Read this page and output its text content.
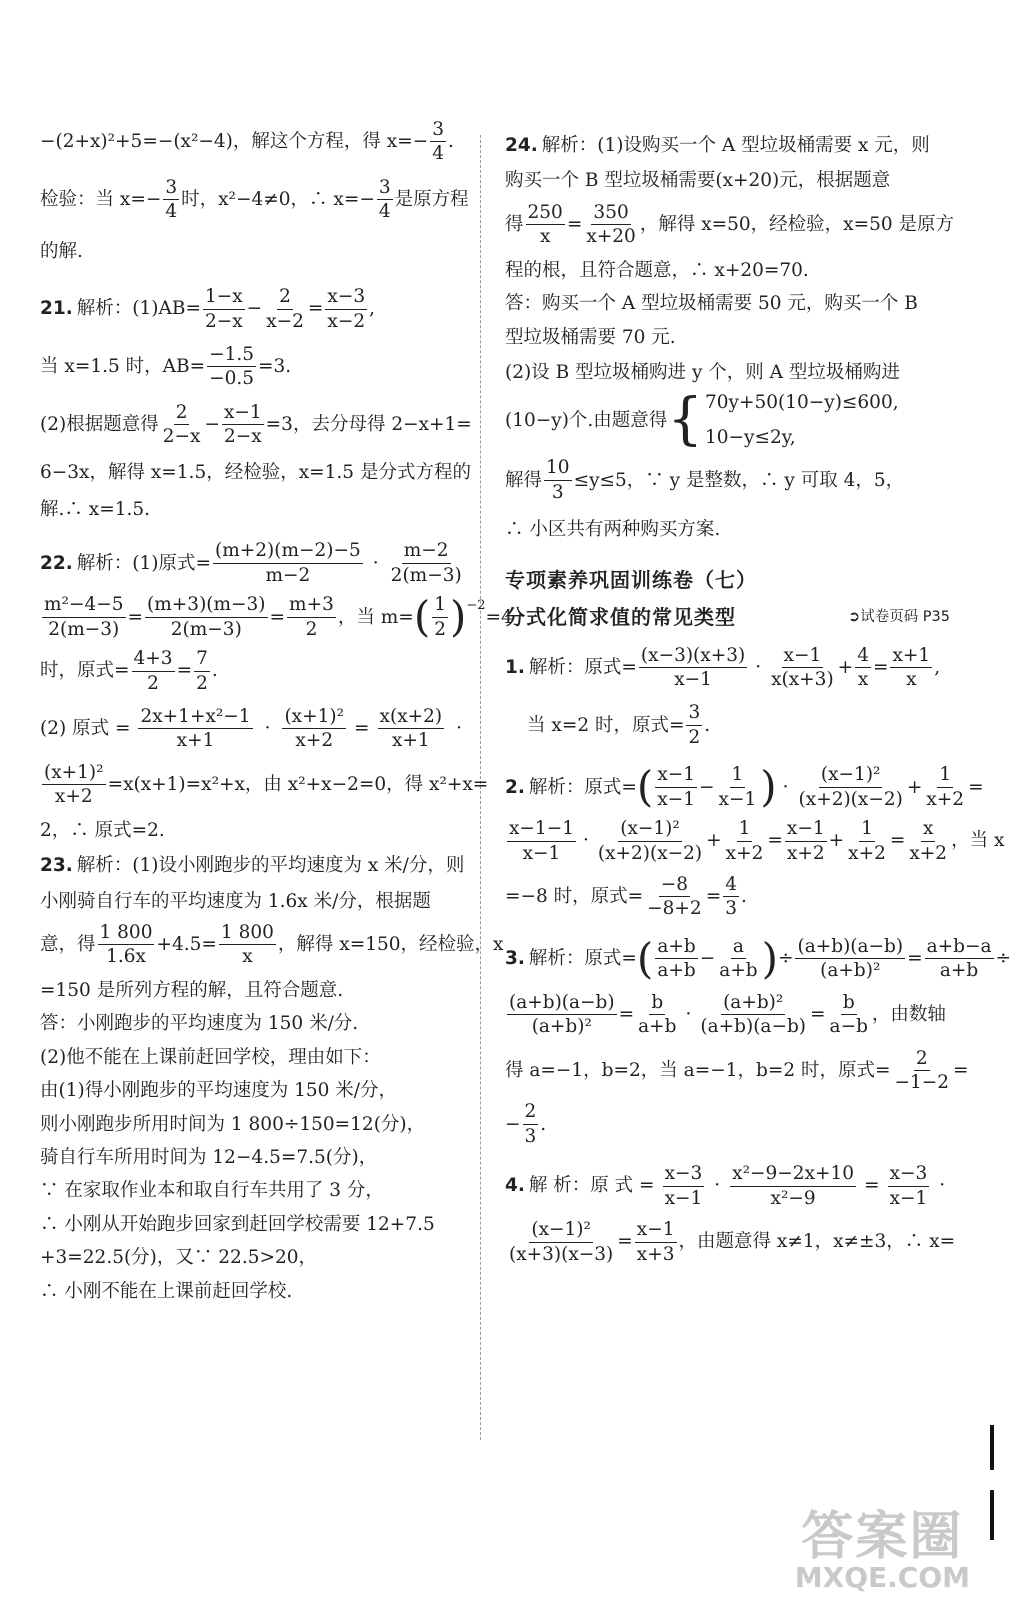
−(2+x)²+5=−(x²−4)，解这个方程，得 $x=- \frac{3}{4}$ .
检验：当 $x=- \frac{3}{4}$ 时，x²−4≠0，∴ $x=- \frac{3}{4}$ 是原方程
的解.
21. 解析：$(1)AB= \frac{1-x}{2-x} - \frac{2}{x-2} = \frac{x-3}{x-2}$ ,
当 x=1.5 时，$AB= \frac{-1.5}{-0.5} =3$.
(2)根据题意得 $\frac{2}{2-x} - \frac{x-1}{2-x} =3$，去分母得 2−x+1=
6−3x，解得 x=1.5，经检验，x=1.5 是分式方程的
解.∴ x=1.5.
22. 解析：(1)原式= $\frac{(m+2)(m-2)-5}{m-2} \cdot \frac{m-2}{2(m-3)}$
$\frac{\text{m²−4−5}}{2(m-3)} = \frac{(m+3)(m-3)}{2(m-3)} = \frac{m+3}{2}$ ，当 m= ( $\frac{1}{2}$ ) −2
=4
时，原式= $\frac{4+3}{2} = \frac{7}{2}$ .
(2) 原式 = $\frac{\text{2x+1+x²−1}}{x+1} \cdot \frac{\text{(x+1)²}}{x+2} = \frac{x(x+2)}{x+1}$ ·
$\frac{\text{(x+1)²}}{x+2} =x(x+1)=x^2+x$，由 x²+x−2=0，得 x²+x=
2，∴ 原式=2.
23. 解析：(1)设小刚跑步的平均速度为 x 米/分，则
小刚骑自行车的平均速度为 1.6x 米/分，根据题
意，得 $\frac{1 800}{1.6x} +4.5= \frac{1 800}{x}$ ，解得 x=150，经检验，x
=150 是所列方程的解，且符合题意.
答：小刚跑步的平均速度为 150 米/分.
(2)他不能在上课前赶回学校，理由如下：
由(1)得小刚跑步的平均速度为 150 米/分，
则小刚跑步所用时间为 1 800÷150=12(分)，
骑自行车所用时间为 12−4.5=7.5(分)，
∵ 在家取作业本和取自行车共用了 3 分，
∴ 小刚从开始跑步回家到赶回学校需要 12+7.5
+3=22.5(分)，又∵ 22.5>20，
∴ 小刚不能在上课前赶回学校.
24. 解析：(1)设购买一个 A 型垃圾桶需要 x 元，则
购买一个 B 型垃圾桶需要(x+20)元，根据题意
得 $\frac{250}{x} = \frac{350}{x+20}$ ，解得 x=50，经检验，x=50 是原方
程的根，且符合题意，∴ x+20=70.
答：购买一个 A 型垃圾桶需要 50 元，购买一个 B
型垃圾桶需要 70 元.
(2)设 B 型垃圾桶购进 y 个，则 A 型垃圾桶购进
(10−y)个.由题意得 { 70y+50(10−y)≤600,
10−y≤2y,
解得 $\frac{10}{3} \le y\le 5$，∵ y 是整数，∴ y 可取 4，5，
∴ 小区共有两种购买方案.
专项素养巩固训练卷（七）
分式化简求值的常见类型	➲试卷页码 P35
1. 解析：原式= $\frac{(x-3)(x+3)}{x-1} \cdot \frac{x-1}{x(x+3)} + \frac{4}{x} = \frac{x+1}{x}$ ,
当 x=2 时，原式= $\frac{3}{2}$ .
2. 解析：原式= ( $\frac{x-1}{x-1} - \frac{1}{x-1}$ ) · $\frac{\text{(x−1)²}}{(x+2)(x-2)} + \frac{1}{x+2}$ =
$\frac{x-1-1}{x-1} \cdot \frac{\text{(x−1)²}}{(x+2)(x-2)} + \frac{1}{x+2} = \frac{x-1}{x+2} + \frac{1}{x+2} = \frac{x}{x+2}$ ，当 x
=−8 时，原式= $\frac{-8}{-8+2} = \frac{4}{3}$ .
3. 解析：原式= ( $\frac{a+b}{a+b} - \frac{a}{a+b}$ ) ÷ $\frac{(a+b)(a-b)}{\text{(a+b)²}} = \frac{a+b-a}{a+b}$ ÷
$\frac{(a+b)(a-b)}{\text{(a+b)²}} = \frac{b}{a+b} \cdot \frac{\text{(a+b)²}}{(a+b)(a-b)} = \frac{b}{a-b}$ ，由数轴
得 a=−1，b=2，当 a=−1，b=2 时，原式= $\frac{2}{-1-2}$ =
− $\frac{2}{3}$ .
4. 解 析：原 式 = $\frac{x-3}{x-1} \cdot \frac{\text{x²−9−2x+10}}{\text{x²−9}} = \frac{x-3}{x-1}$ ·
$\frac{\text{(x−1)²}}{(x+3)(x-3)} = \frac{x-1}{x+3}$ ，由题意得 x≠1，x≠±3，∴ x=
答案圈
MXQE.COM
